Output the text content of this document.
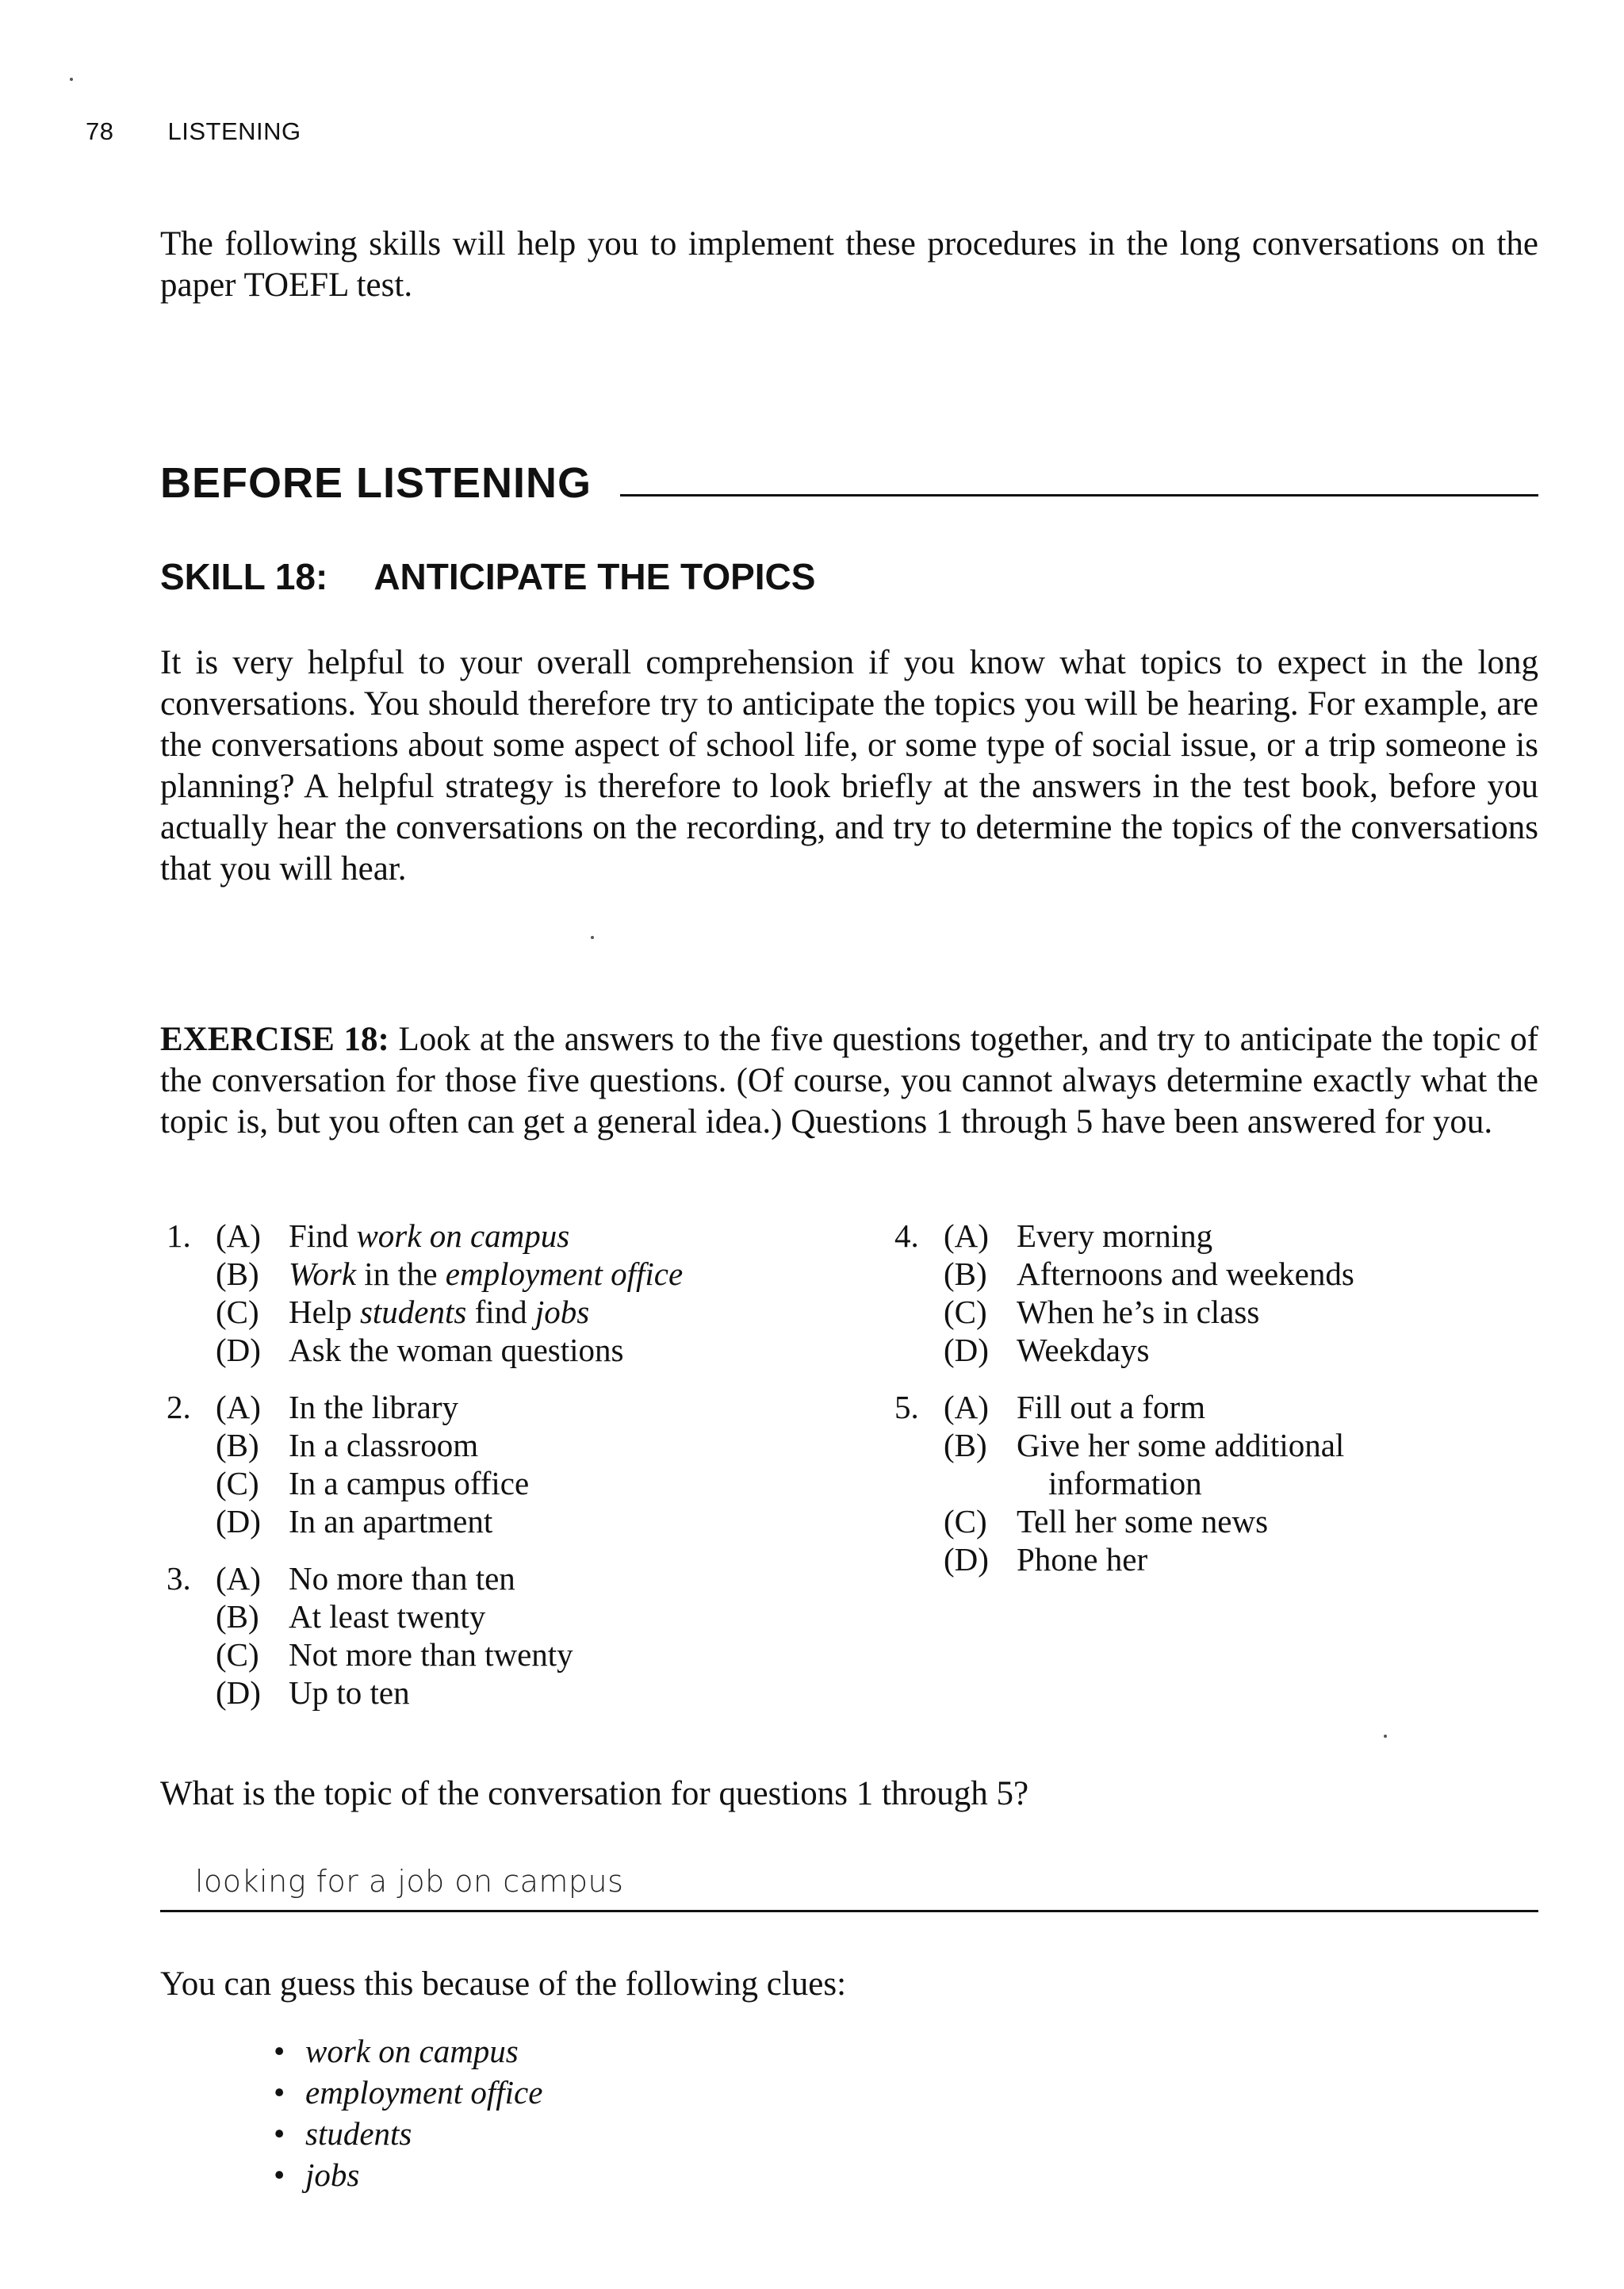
78 LISTENING

The following skills will help you to implement these procedures in the long conversations on the paper TOEFL test.

BEFORE LISTENING
SKILL 18: ANTICIPATE THE TOPICS

It is very helpful to your overall comprehension if you know what topics to expect in the long conversations. You should therefore try to anticipate the topics you will be hearing. For example, are the conversations about some aspect of school life, or some type of social issue, or a trip someone is planning? A helpful strategy is therefore to look briefly at the answers in the test book, before you actually hear the conversations on the recording, and try to determine the topics of the conversations that you will hear.

EXERCISE 18: Look at the answers to the five questions together, and try to anticipate the topic of the conversation for those five questions. (Of course, you cannot always determine exactly what the topic is, but you often can get a general idea.) Questions 1 through 5 have been answered for you.

1. (A) Find work on campus
(B) Work in the employment office
(C) Help students find jobs
(D) Ask the woman questions
2. (A) In the library
(B) In a classroom
(C) In a campus office
(D) In an apartment
3. (A) No more than ten
(B) At least twenty
(C) Not more than twenty
(D) Up to ten
4. (A) Every morning
(B) Afternoons and weekends
(C) When he’s in class
(D) Weekdays
5. (A) Fill out a form
(B) Give her some additional
information
(C) Tell her some news
(D) Phone her

What is the topic of the conversation for questions 1 through 5?

looking for a job on campus

You can guess this because of the following clues:

• work on campus
• employment office
• students
• jobs
